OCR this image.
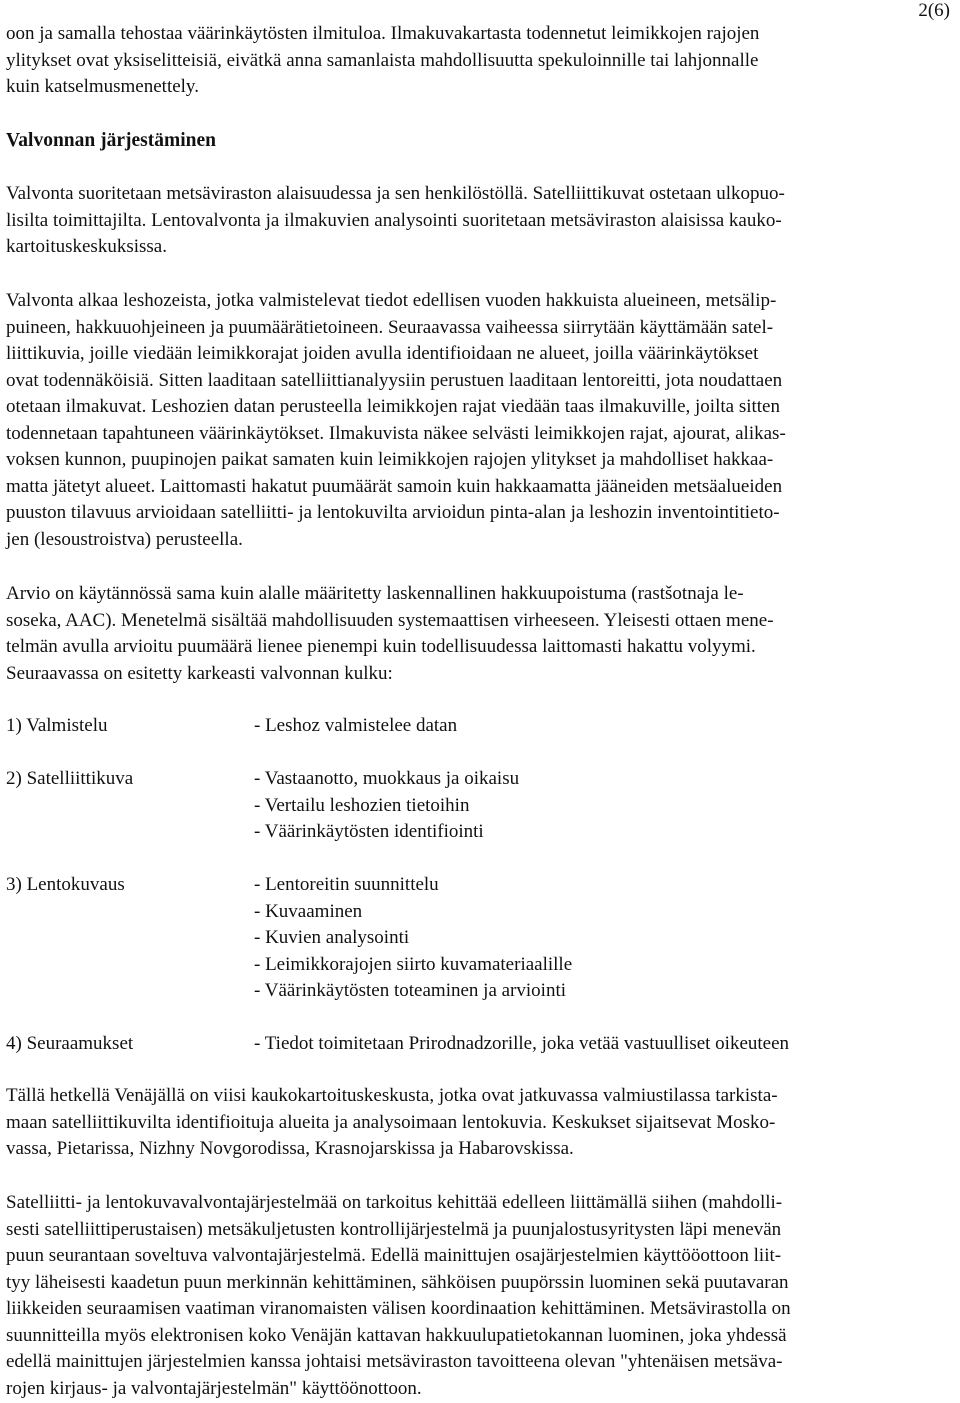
2(6)
oon ja samalla tehostaa väärinkäytösten ilmitulоa. Ilmakuvakartasta todennetut leimikkojen rajojen
ylitykset ovat yksiselitteisiä, eivätkä anna samanlaista mahdollisuutta spekuloinnille tai lahjonnalle
kuin katselmusmenettely.
Valvonnan järjestäminen
Valvonta suoritetaan metsäviraston alaisuudessa ja sen henkilöstöllä. Satelliittikuvat ostetaan ulkopuo-
lisilta toimittajilta. Lentovalvonta ja ilmakuvien analysointi suoritetaan metsäviraston alaisissa kauko-
kartoituskeskuksissa.
Valvonta alkaa leshozeista, jotka valmistelevat tiedot edellisen vuoden hakkuista alueineen, metsälip-
puineen, hakkuuohjeineen ja puumäärätietoineen. Seuraavassa vaiheessa siirrytään käyttämään satel-
liittikuvia, joille viedään leimikkorajat joiden avulla identifioidaan ne alueet, joilla väärinkäytökset
ovat todennäköisiä. Sitten laaditaan satelliittianalyysiin perustuen laaditaan lentoreitti, jota noudattaen
otetaan ilmakuvat. Leshozien datan perusteella leimikkojen rajat viedään taas ilmakuville, joilta sitten
todennetaan tapahtuneen väärinkäytökset. Ilmakuvista näkee selvästi leimikkojen rajat, ajourat, alikas-
voksen kunnon, puupinojen paikat samaten kuin leimikkojen rajojen ylitykset ja mahdolliset hakkaa-
matta jätetyt alueet. Laittomasti hakatut puumäärät samoin kuin hakkaamatta jääneiden metsäalueiden
puuston tilavuus arvioidaan satelliitti- ja lentokuvilta arvioidun pinta-alan ja leshozin inventointitieto-
jen (lesoustroistva) perusteella.
Arvio on käytännössä sama kuin alalle määritetty laskennallinen hakkuupoistuma (rastšotnaja le-
soseka, AAC). Menetelmä sisältää mahdollisuuden systemaattisen virheeseen. Yleisesti ottaen mene-
telmän avulla arvioitu puumäärä lienee pienempi kuin todellisuudessa laittomasti hakattu volyymi.
Seuraavassa on esitetty karkeasti valvonnan kulku:
1) Valmistelu	- Leshoz valmistelee datan
2) Satelliittikuva	- Vastaanotto, muokkaus ja oikaisu
- Vertailu leshozien tietoihin
- Väärinkäytösten identifiointi
3) Lentokuvaus	- Lentoreitin suunnittelu
- Kuvaaminen
- Kuvien analysointi
- Leimikkorajojen siirto kuvamateriaalille
- Väärinkäytösten toteaminen ja arviointi
4) Seuraamukset	- Tiedot toimitetaan Prirodnadzorille, joka vetää vastuulliset oikeuteen
Tällä hetkellä Venäjällä on viisi kaukokartoituskeskusta, jotka ovat jatkuvassa valmiustilassa tarkista-
maan satelliittikuvilta identifioituja alueita ja analysoimaan lentokuvia. Keskukset sijaitsevat Mosko-
vassa, Pietarissa, Nizhny Novgorodissa, Krasnojarskissa ja Habarovskissa.
Satelliitti- ja lentokuvavalvontajärjestelmää on tarkoitus kehittää edelleen liittämällä siihen (mahdolli-
sesti satelliittiperustaisen) metsäkuljetusten kontrollijärjestelmä ja puunjalostusyritysten läpi menevän
puun seurantaan soveltuva valvontajärjestelmä. Edellä mainittujen osajärjestelmien käyttööottoon liit-
tyy läheisesti kaadetun puun merkinnän kehittäminen, sähköisen puupörssin luominen sekä puutavaran
liikkeiden seuraamisen vaatiman viranomaisten välisen koordinaation kehittäminen. Metsävirastolla on
suunnitteilla myös elektronisen koko Venäjän kattavan hakkuulupatietokannan luominen, joka yhdessä
edellä mainittujen järjestelmien kanssa johtaisi metsäviraston tavoitteena olevan "yhtenäisen metsäva-
rojen kirjaus- ja valvontajärjestelmän" käyttöönottoon.
